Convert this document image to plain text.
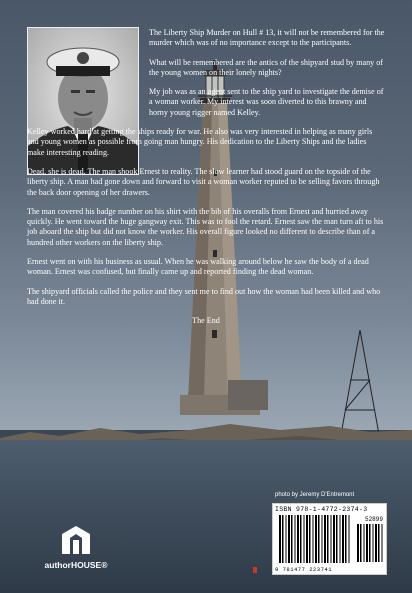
The Liberty Ship Murder on Hull # 13, it will not be remembered for the murder which was of no importance except to the participants.

What will be remembered are the antics of the shipyard stud by many of the young women on their lonely nights?

My job was as an agent sent to the ship yard to investigate the demise of a woman worker. My interest was soon diverted to this brawny and horny young rigger named Kelley.

Kelley worked hard at getting the ships ready for war. He also was very interested in helping as many girls and young women as possible from going man hungry. His dedication to the Liberty Ships and the ladies make interesting reading.

Dead, she is dead. The man shook Ernest to reality. The slow learner had stood guard on the topside of the liberty ship. A man had gone down and forward to visit a woman worker reputed to be selling favors through the back door opening of her drawers.

The man covered his badge number on his shirt with the bib of his overalls from Ernest and hurried away quickly. He went toward the huge gangway exit. This was to fool the retard. Ernest saw the man turn aft to his job aboard the ship but did not know the worker. His overall figure looked no different to describe than of a hundred other workers on the liberty ship.

Ernest went on with his business as usual. When he was walking around below he saw the body of a dead woman. Ernest was confused, but finally came up and reported finding the dead woman.

The shipyard officials called the police and they sent me to find out how the woman had been killed and who had done it.

The End

photo by Jeremy D'Entremont
ISBN 978-1-4772-2374-3
52899
9 781477 223741
authorHOUSE®
